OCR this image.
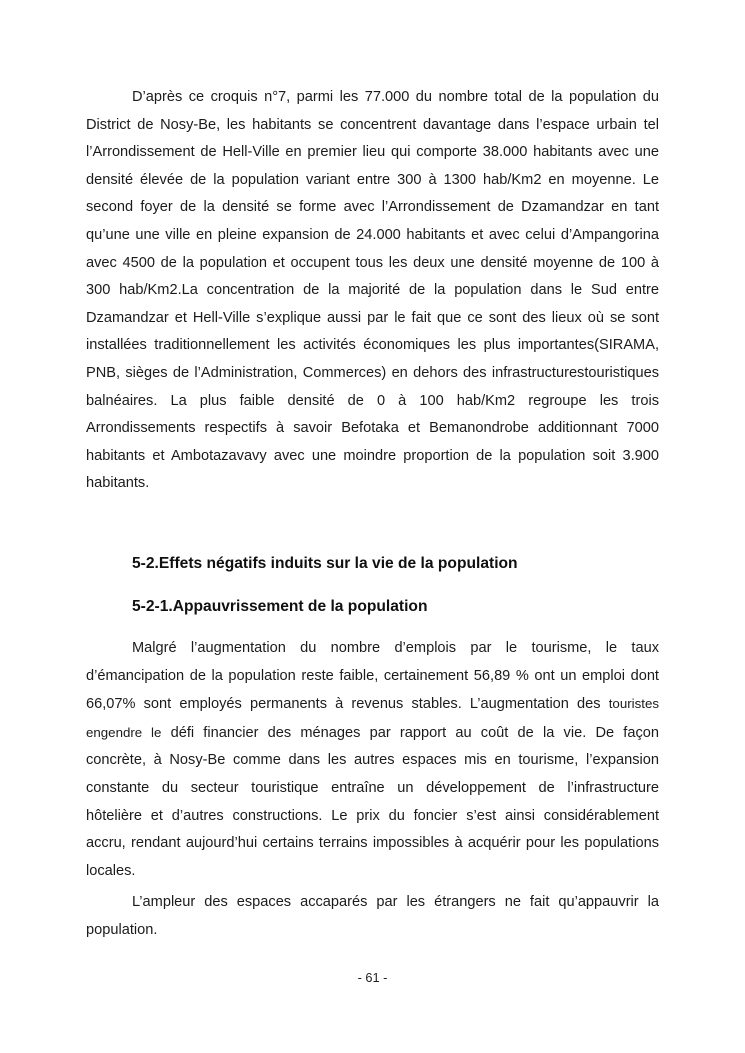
D’après ce croquis n°7, parmi les 77.000 du nombre total de la population du District de Nosy-Be, les habitants se concentrent davantage dans l’espace urbain tel l’Arrondissement de Hell-Ville en premier lieu qui comporte 38.000 habitants avec une densité élevée de la population variant entre 300 à 1300 hab/Km2 en moyenne. Le second foyer de la densité se forme avec l’Arrondissement de Dzamandzar en tant qu’une une ville en pleine expansion de 24.000 habitants et avec celui d’Ampangorina avec 4500 de la population et occupent tous les deux une densité moyenne de 100 à 300 hab/Km2.La concentration de la majorité de la population dans le Sud entre Dzamandzar et Hell-Ville s’explique aussi par le fait que ce sont des lieux où se sont installées traditionnellement les activités économiques les plus importantes(SIRAMA, PNB, sièges de l’Administration, Commerces) en dehors des infrastructurestouristiques balnéaires. La plus faible densité de 0 à 100 hab/Km2 regroupe les trois Arrondissements respectifs à savoir Befotaka et Bemanondrobe additionnant 7000 habitants et Ambotazavavy avec une moindre proportion de la population soit 3.900 habitants.

5-2.Effets négatifs induits sur la vie de la population
5-2-1.Appauvrissement de la population

Malgré l’augmentation du nombre d’emplois par le tourisme, le taux d’émancipation de la population reste faible, certainement 56,89 % ont un emploi dont 66,07% sont employés permanents à revenus stables. L’augmentation des touristes engendre le défi financier des ménages par rapport au coût de la vie. De façon concrète, à Nosy-Be comme dans les autres espaces mis en tourisme, l’expansion constante du secteur touristique entraîne un développement de l’infrastructure hôtelière et d’autres constructions. Le prix du foncier s’est ainsi considérablement accru, rendant aujourd’hui certains terrains impossibles à acquérir pour les populations locales.

L’ampleur des espaces accaparés par les étrangers ne fait qu’appauvrir la population.

- 61 -
